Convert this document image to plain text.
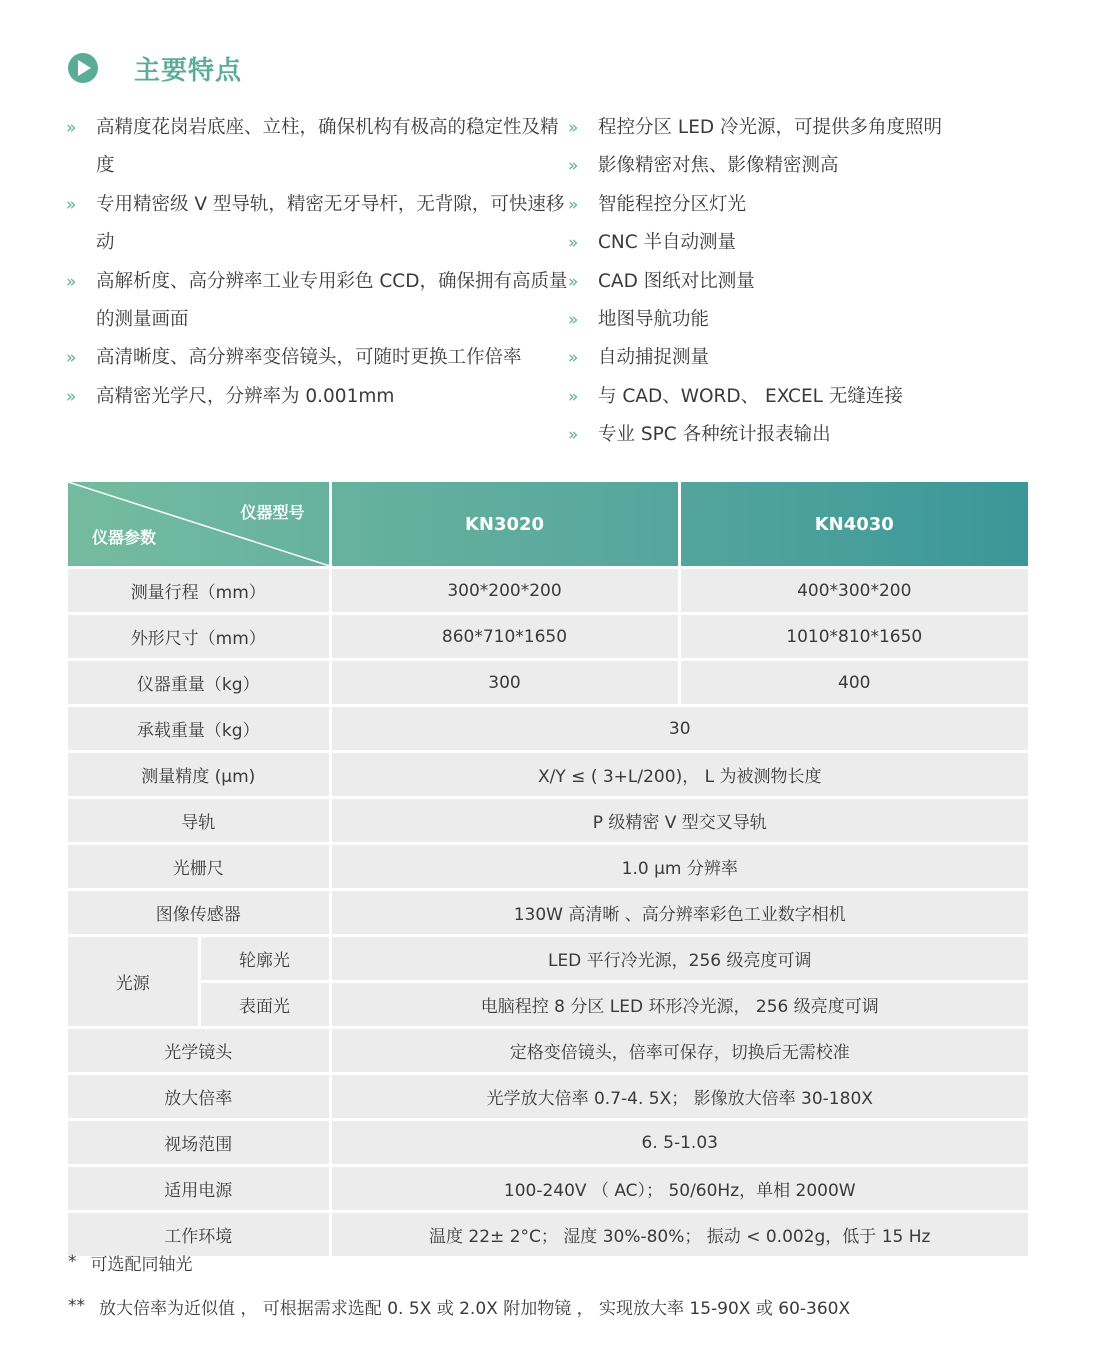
主要特点
»	高精度花岗岩底座、立柱，确保机构有极高的稳定性及精度
»	专用精密级 V 型导轨，精密无牙导杆，无背隙，可快速移动
»	高解析度、高分辨率工业专用彩色 CCD，确保拥有高质量的测量画面
»	高清晰度、高分辨率变倍镜头，可随时更换工作倍率
»	高精密光学尺，分辨率为 0.001mm
»	程控分区 LED 冷光源，可提供多角度照明
»	影像精密对焦、影像精密测高
»	智能程控分区灯光
»	CNC 半自动测量
»	CAD 图纸对比测量
»	地图导航功能
»	自动捕捉测量
»	与 CAD、WORD、 EXCEL 无缝连接
»	专业 SPC 各种统计报表输出
仪器型号
仪器参数		KN3020	KN4030
测量行程（mm）		300*200*200	400*300*200
外形尺寸（mm）		860*710*1650	1010*810*1650
仪器重量（kg）		300	400
承载重量（kg）		30	
测量精度 (μm)		X/Y ≤ ( 3+L/200)， L 为被测物长度	
导轨		P 级精密 V 型交叉导轨	
光栅尺		1.0 μm 分辨率	
图像传感器		130W 高清晰 、高分辨率彩色工业数字相机	
光源	轮廓光	LED 平行冷光源，256 级亮度可调	
	表面光	电脑程控 8 分区 LED 环形冷光源， 256 级亮度可调	
光学镜头		定格变倍镜头，倍率可保存，切换后无需校准	
放大倍率		光学放大倍率 0.7-4. 5X； 影像放大倍率 30-180X	
视场范围		6. 5-1.03	
适用电源		100-240V （ AC）； 50/60Hz，单相 2000W	
工作环境		温度 22± 2°C； 湿度 30%-80%； 振动 < 0.002g，低于 15 Hz	
* 可选配同轴光
** 放大倍率为近似值 ， 可根据需求选配 0. 5X 或 2.0X 附加物镜 ， 实现放大率 15-90X 或 60-360X
